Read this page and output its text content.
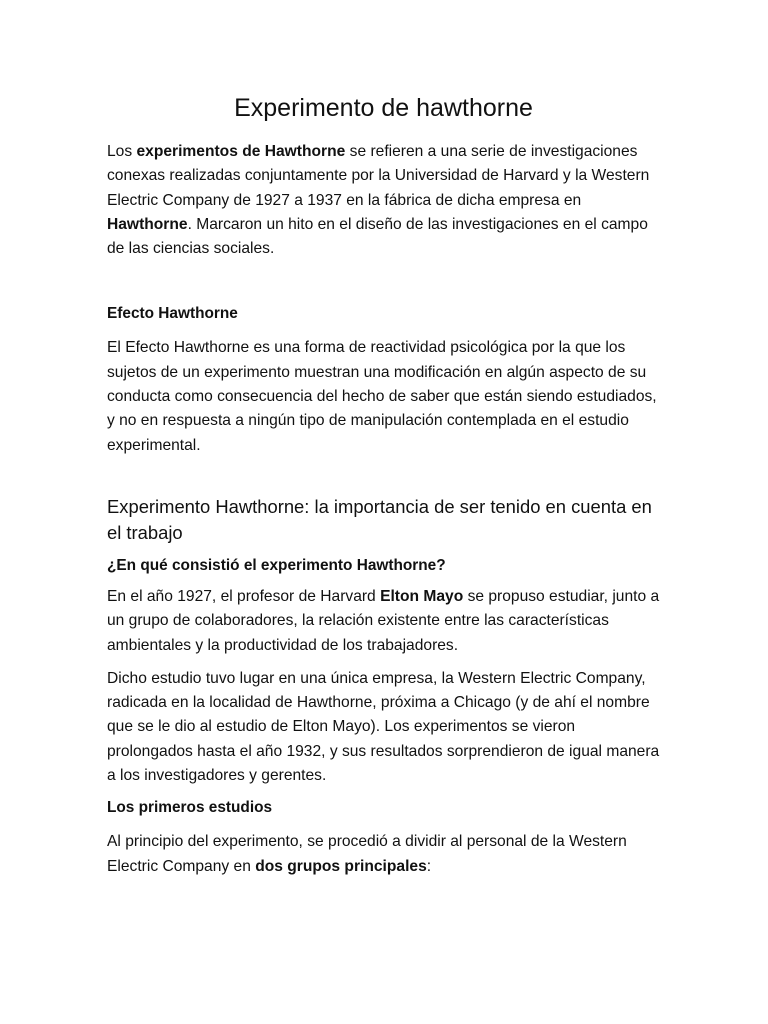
Experimento de hawthorne

Los experimentos de Hawthorne se refieren a una serie de investigaciones conexas realizadas conjuntamente por la Universidad de Harvard y la Western Electric Company de 1927 a 1937 en la fábrica de dicha empresa en Hawthorne. Marcaron un hito en el diseño de las investigaciones en el campo de las ciencias sociales.

Efecto Hawthorne

El Efecto Hawthorne es una forma de reactividad psicológica por la que los sujetos de un experimento muestran una modificación en algún aspecto de su conducta como consecuencia del hecho de saber que están siendo estudiados, y no en respuesta a ningún tipo de manipulación contemplada en el estudio experimental.

Experimento Hawthorne: la importancia de ser tenido en cuenta en el trabajo
¿En qué consistió el experimento Hawthorne?

En el año 1927, el profesor de Harvard Elton Mayo se propuso estudiar, junto a un grupo de colaboradores, la relación existente entre las características ambientales y la productividad de los trabajadores.

Dicho estudio tuvo lugar en una única empresa, la Western Electric Company, radicada en la localidad de Hawthorne, próxima a Chicago (y de ahí el nombre que se le dio al estudio de Elton Mayo). Los experimentos se vieron prolongados hasta el año 1932, y sus resultados sorprendieron de igual manera a los investigadores y gerentes.

Los primeros estudios

Al principio del experimento, se procedió a dividir al personal de la Western Electric Company en dos grupos principales:
